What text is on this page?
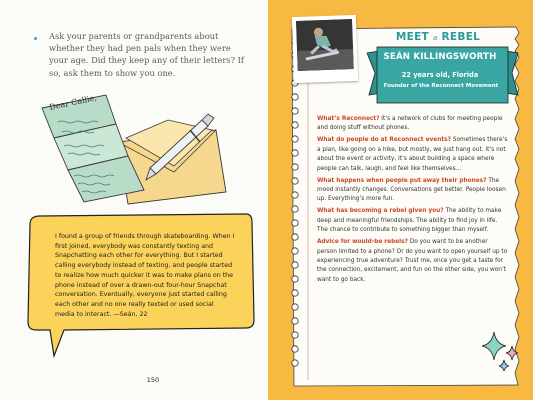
Ask your parents or grandparents about whether they had pen pals when they were your age. Did they keep any of their letters? If so, ask them to show you one.
Dear Callie,
I found a group of friends through skateboarding. When I first joined, everybody was constantly texting and Snapchatting each other for everything. But I started calling everybody instead of texting, and people started to realize how much quicker it was to make plans on the phone instead of over a drawn-out four-hour Snapchat conversation. Eventually, everyone just started calling each other and no one really texted or used social media to interact. —Seán, 22
150
MEET a REBEL
SEÁN KILLINGSWORTH
22 years old, Florida
Founder of the Reconnect Movement

What’s Reconnect? It’s a network of clubs for meeting people and doing stuff without phones.

What do people do at Reconnect events? Sometimes there’s a plan, like going on a hike, but mostly, we just hang out. It’s not about the event or activity, it’s about building a space where people can talk, laugh, and feel like themselves…

What happens when people put away their phones? The mood instantly changes. Conversations get better. People loosen up. Everything’s more fun.

What has becoming a rebel given you? The ability to make deep and meaningful friendships. The ability to find joy in life. The chance to contribute to something bigger than myself.

Advice for would-be rebels? Do you want to be another person limited to a phone? Or do you want to open yourself up to experiencing true adventure? Trust me, once you get a taste for the connection, excitement, and fun on the other side, you won’t want to go back.
